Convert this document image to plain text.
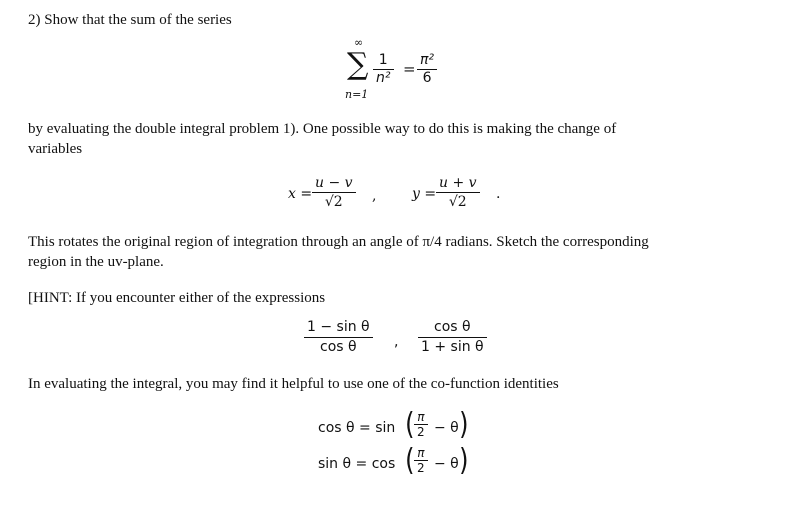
2) Show that the sum of the series
∞
∑
n=1
$\frac{1}{\text{n²}} = \frac{\text{π²}}{6}$
by evaluating the double integral problem 1). One possible way to do this is making the change of
variables
$x = \frac{u - v}{√2}$ ,	$y = \frac{u + v}{√2}$ .
This rotates the original region of integration through an angle of π/4 radians. Sketch the corresponding
region in the uv-plane.
[HINT: If you encounter either of the expressions
$\frac{\text{1 − sin θ}}{\text{cos θ}}$ , $\frac{\text{cos θ}}{\text{1 + sin θ}}$
In evaluating the integral, you may find it helpful to use one of the co-function identities
cos θ = sin ( $\frac{\pi}{2} - \theta$ )
sin θ = cos ( $\frac{\pi}{2} - \theta$ )
